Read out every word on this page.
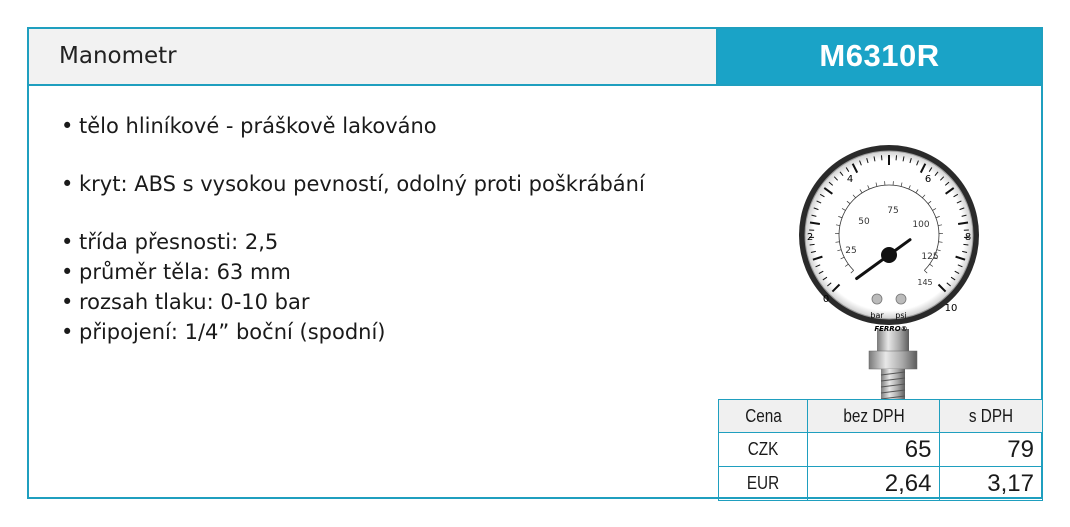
Manometr	M6310R
• tělo hliníkové - práškově lakováno
• kryt: ABS s vysokou pevností, odolný proti poškrábání
• třída přesnosti: 2,5
• průměr těla: 63 mm
• rozsah tlaku: 0-10 bar
• připojení: 1/4” boční (spodní)
0
2
4	6
8
10
25
50
75
100
125
145
bar psi
FERRO®
Cena	bez DPH	s DPH
CZK	65	79
EUR	2,64	3,17
